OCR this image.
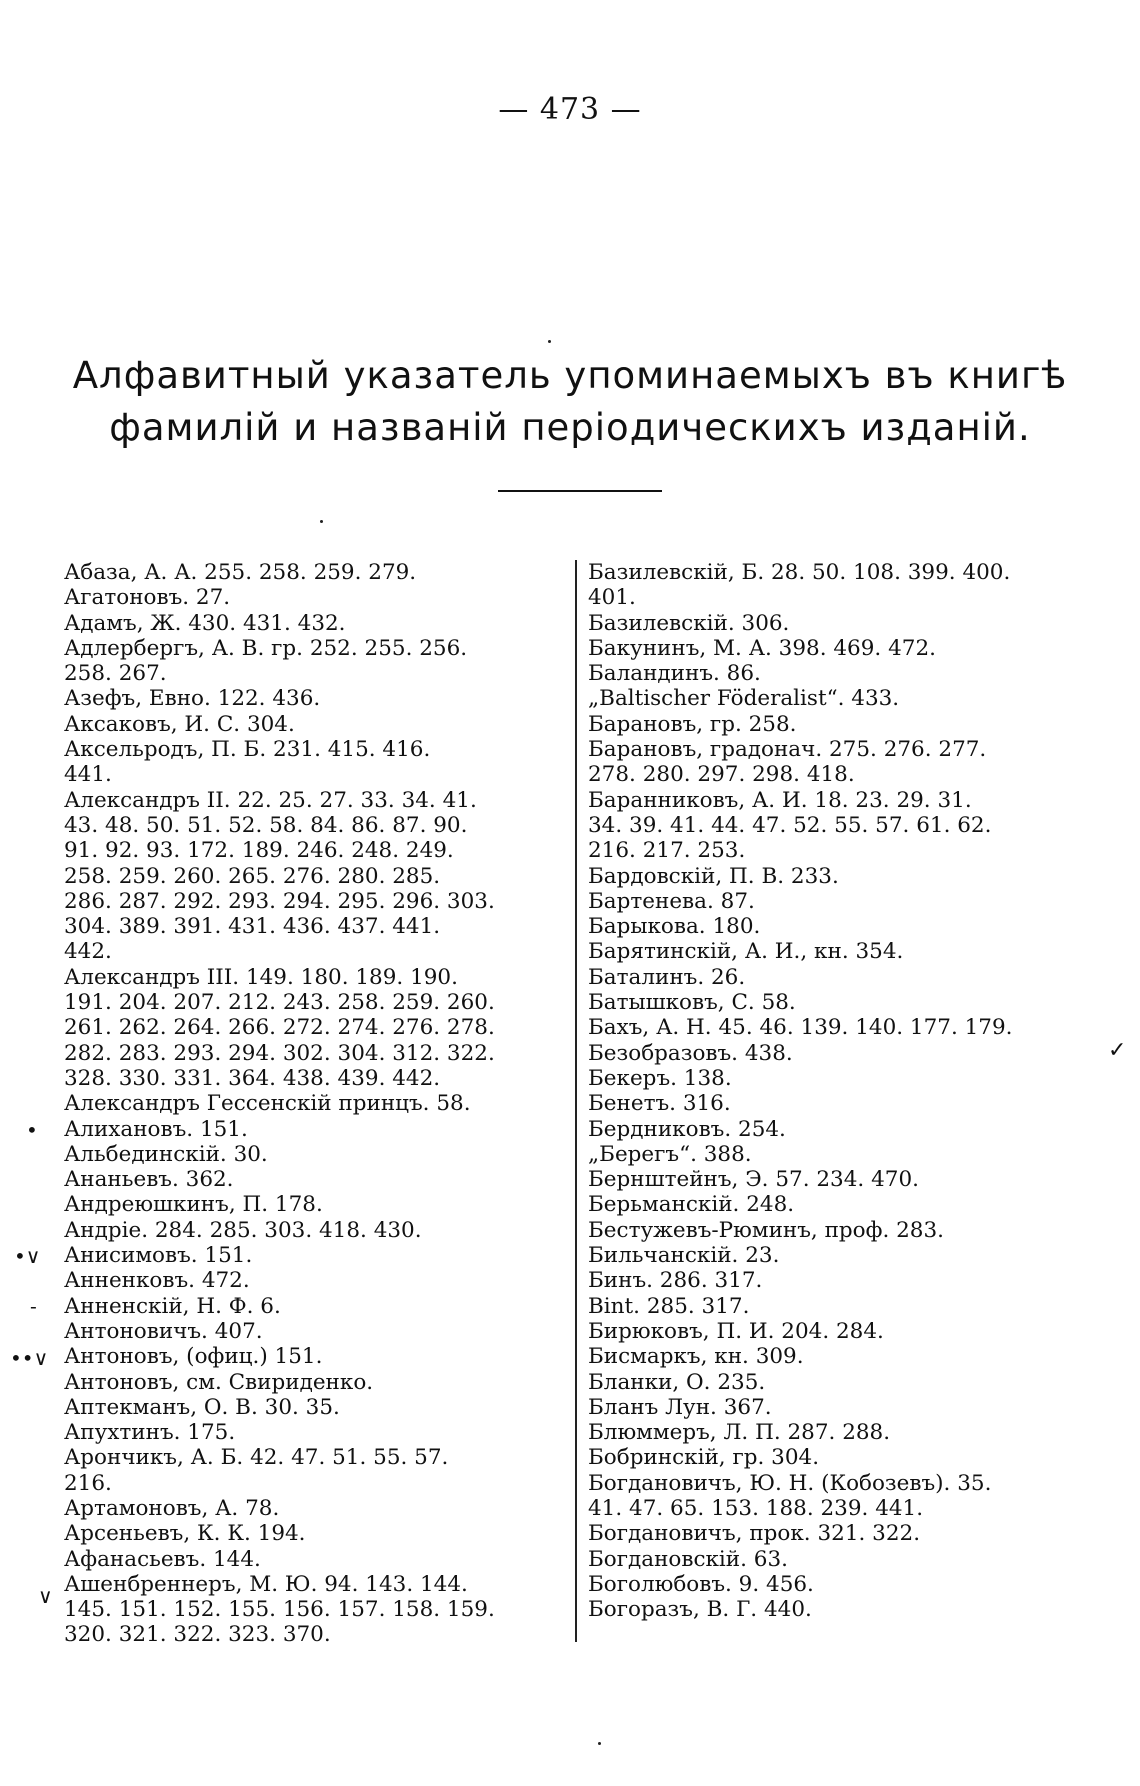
— 473 —
Алфавитный указатель упоминаемыхъ въ книгѣ
фамилій и названій періодическихъ изданій.
Абаза, А. А. 255. 258. 259. 279.
Агатоновъ. 27.
Адамъ, Ж. 430. 431. 432.
Адлербергъ, А. В. гр. 252. 255. 256.
258. 267.
Азефъ, Евно. 122. 436.
Аксаковъ, И. С. 304.
Аксельродъ, П. Б. 231. 415. 416.
441.
Александръ II. 22. 25. 27. 33. 34. 41.
43. 48. 50. 51. 52. 58. 84. 86. 87. 90.
91. 92. 93. 172. 189. 246. 248. 249.
258. 259. 260. 265. 276. 280. 285.
286. 287. 292. 293. 294. 295. 296. 303.
304. 389. 391. 431. 436. 437. 441.
442.
Александръ III. 149. 180. 189. 190.
191. 204. 207. 212. 243. 258. 259. 260.
261. 262. 264. 266. 272. 274. 276. 278.
282. 283. 293. 294. 302. 304. 312. 322.
328. 330. 331. 364. 438. 439. 442.
Александръ Гессенскій принцъ. 58.
Алихановъ. 151.
Альбединскій. 30.
Ананьевъ. 362.
Андреюшкинъ, П. 178.
Андріе. 284. 285. 303. 418. 430.
Анисимовъ. 151.
Анненковъ. 472.
Анненскій, Н. Ф. 6.
Антоновичъ. 407.
Антоновъ, (офиц.) 151.
Антоновъ, см. Свириденко.
Аптекманъ, О. В. 30. 35.
Апухтинъ. 175.
Арончикъ, А. Б. 42. 47. 51. 55. 57.
216.
Артамоновъ, А. 78.
Арсеньевъ, К. К. 194.
Афанасьевъ. 144.
Ашенбреннеръ, М. Ю. 94. 143. 144.
145. 151. 152. 155. 156. 157. 158. 159.
320. 321. 322. 323. 370.
Базилевскій, Б. 28. 50. 108. 399. 400.
401.
Базилевскій. 306.
Бакунинъ, М. А. 398. 469. 472.
Баландинъ. 86.
„Baltischer Föderalist“. 433.
Барановъ, гр. 258.
Барановъ, градонач. 275. 276. 277.
278. 280. 297. 298. 418.
Баранниковъ, А. И. 18. 23. 29. 31.
34. 39. 41. 44. 47. 52. 55. 57. 61. 62.
216. 217. 253.
Бардовскій, П. В. 233.
Бартенева. 87.
Барыкова. 180.
Барятинскій, А. И., кн. 354.
Баталинъ. 26.
Батышковъ, С. 58.
Бахъ, А. Н. 45. 46. 139. 140. 177. 179.
Безобразовъ. 438.
Бекеръ. 138.
Бенетъ. 316.
Бердниковъ. 254.
„Берегъ“. 388.
Бернштейнъ, Э. 57. 234. 470.
Берьманскій. 248.
Бестужевъ-Рюминъ, проф. 283.
Бильчанскій. 23.
Бинъ. 286. 317.
Bint. 285. 317.
Бирюковъ, П. И. 204. 284.
Бисмаркъ, кн. 309.
Бланки, О. 235.
Бланъ Лун. 367.
Блюммеръ, Л. П. 287. 288.
Бобринскій, гр. 304.
Богдановичъ, Ю. Н. (Кобозевъ). 35.
41. 47. 65. 153. 188. 239. 441.
Богдановичъ, прок. 321. 322.
Богдановскій. 63.
Боголюбовъ. 9. 456.
Богоразъ, В. Г. 440.
•
•∨
-
••∨
∨
✓
